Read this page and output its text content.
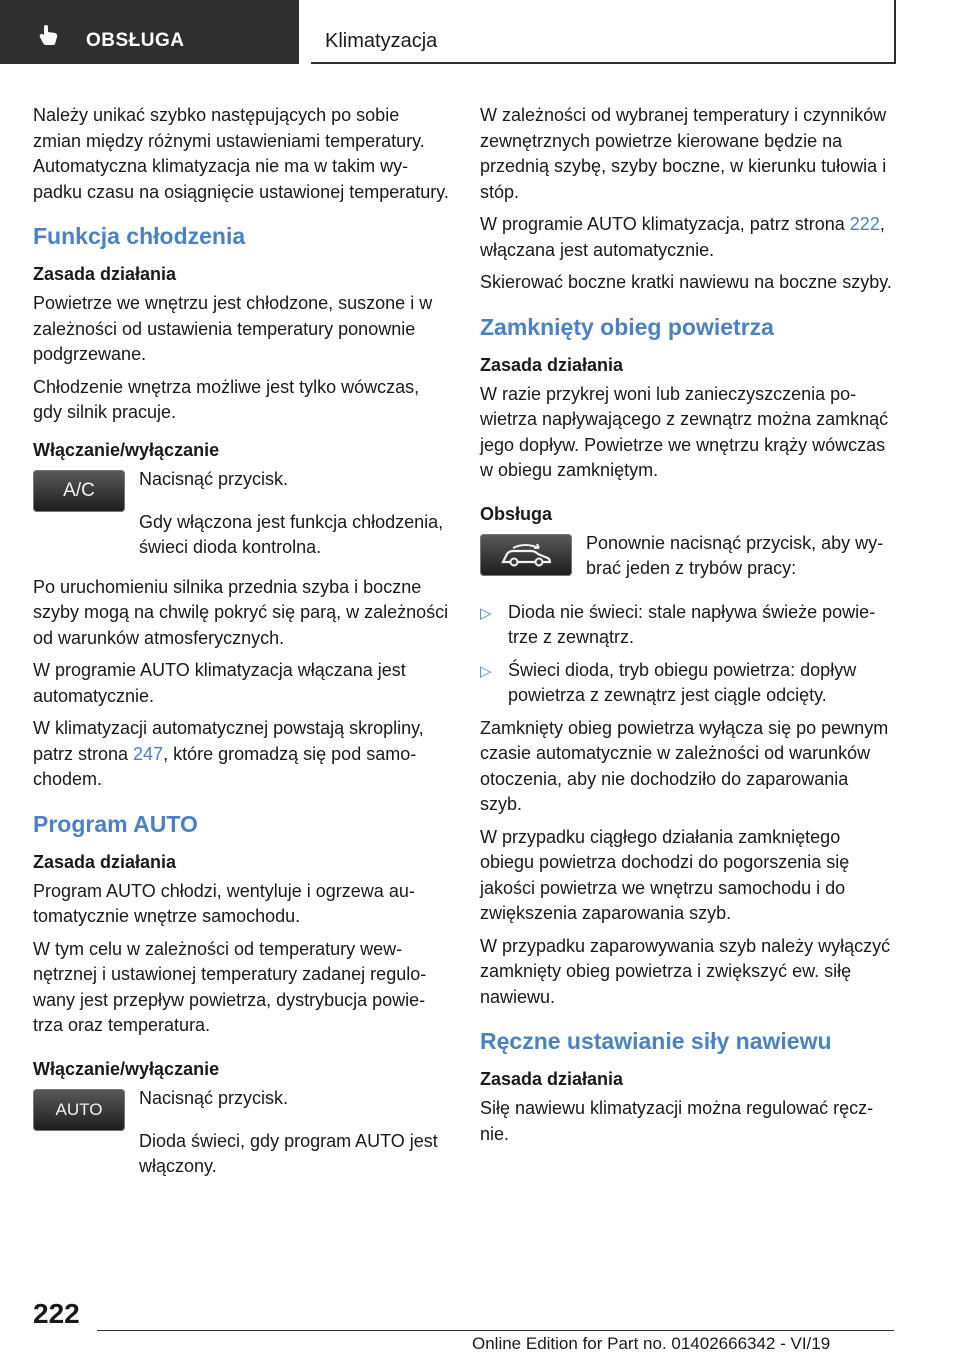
OBSŁUGA	Klimatyzacja

Należy unikać szybko następujących po sobie zmian między różnymi ustawieniami temperatury. Automatyczna klimatyzacja nie ma w takim wypadku czasu na osiągnięcie ustawionej temperatury.

Funkcja chłodzenia
Zasada działania

Powietrze we wnętrzu jest chłodzone, suszone i w zależności od ustawienia temperatury ponownie podgrzewane.

Chłodzenie wnętrza możliwe jest tylko wówczas, gdy silnik pracuje.

Włączanie/wyłączanie
A/C

Nacisnąć przycisk.

Gdy włączona jest funkcja chłodzenia, świeci dioda kontrolna.

Po uruchomieniu silnika przednia szyba i boczne szyby mogą na chwilę pokryć się parą, w zależności od warunków atmosferycznych.

W programie AUTO klimatyzacja włączana jest automatycznie.

W klimatyzacji automatycznej powstają skropliny, patrz strona 247, które gromadzą się pod samochodem.

Program AUTO
Zasada działania

Program AUTO chłodzi, wentyluje i ogrzewa automatycznie wnętrze samochodu.

W tym celu w zależności od temperatury wewnętrznej i ustawionej temperatury zadanej regulowany jest przepływ powietrza, dystrybucja powietrza oraz temperatura.

Włączanie/wyłączanie
AUTO

Nacisnąć przycisk.

Dioda świeci, gdy program AUTO jest włączony.

W zależności od wybranej temperatury i czynników zewnętrznych powietrze kierowane będzie na przednią szybę, szyby boczne, w kierunku tułowia i stóp.

W programie AUTO klimatyzacja, patrz strona 222, włączana jest automatycznie.

Skierować boczne kratki nawiewu na boczne szyby.

Zamknięty obieg powietrza
Zasada działania

W razie przykrej woni lub zanieczyszczenia powietrza napływającego z zewnątrz można zamknąć jego dopływ. Powietrze we wnętrzu krąży wówczas w obiegu zamkniętym.

Obsługa

Ponownie nacisnąć przycisk, aby wybrać jeden z trybów pracy:

▷ Dioda nie świeci: stale napływa świeże powietrze z zewnątrz.
▷ Świeci dioda, tryb obiegu powietrza: dopływ powietrza z zewnątrz jest ciągle odcięty.

Zamknięty obieg powietrza wyłącza się po pewnym czasie automatycznie w zależności od warunków otoczenia, aby nie dochodziło do zaparowania szyb.

W przypadku ciągłego działania zamkniętego obiegu powietrza dochodzi do pogorszenia się jakości powietrza we wnętrzu samochodu i do zwiększenia zaparowania szyb.

W przypadku zaparowywania szyb należy wyłączyć zamknięty obieg powietrza i zwiększyć ew. siłę nawiewu.

Ręczne ustawianie siły nawiewu
Zasada działania

Siłę nawiewu klimatyzacji można regulować ręcznie.

222
Online Edition for Part no. 01402666342 - VI/19
